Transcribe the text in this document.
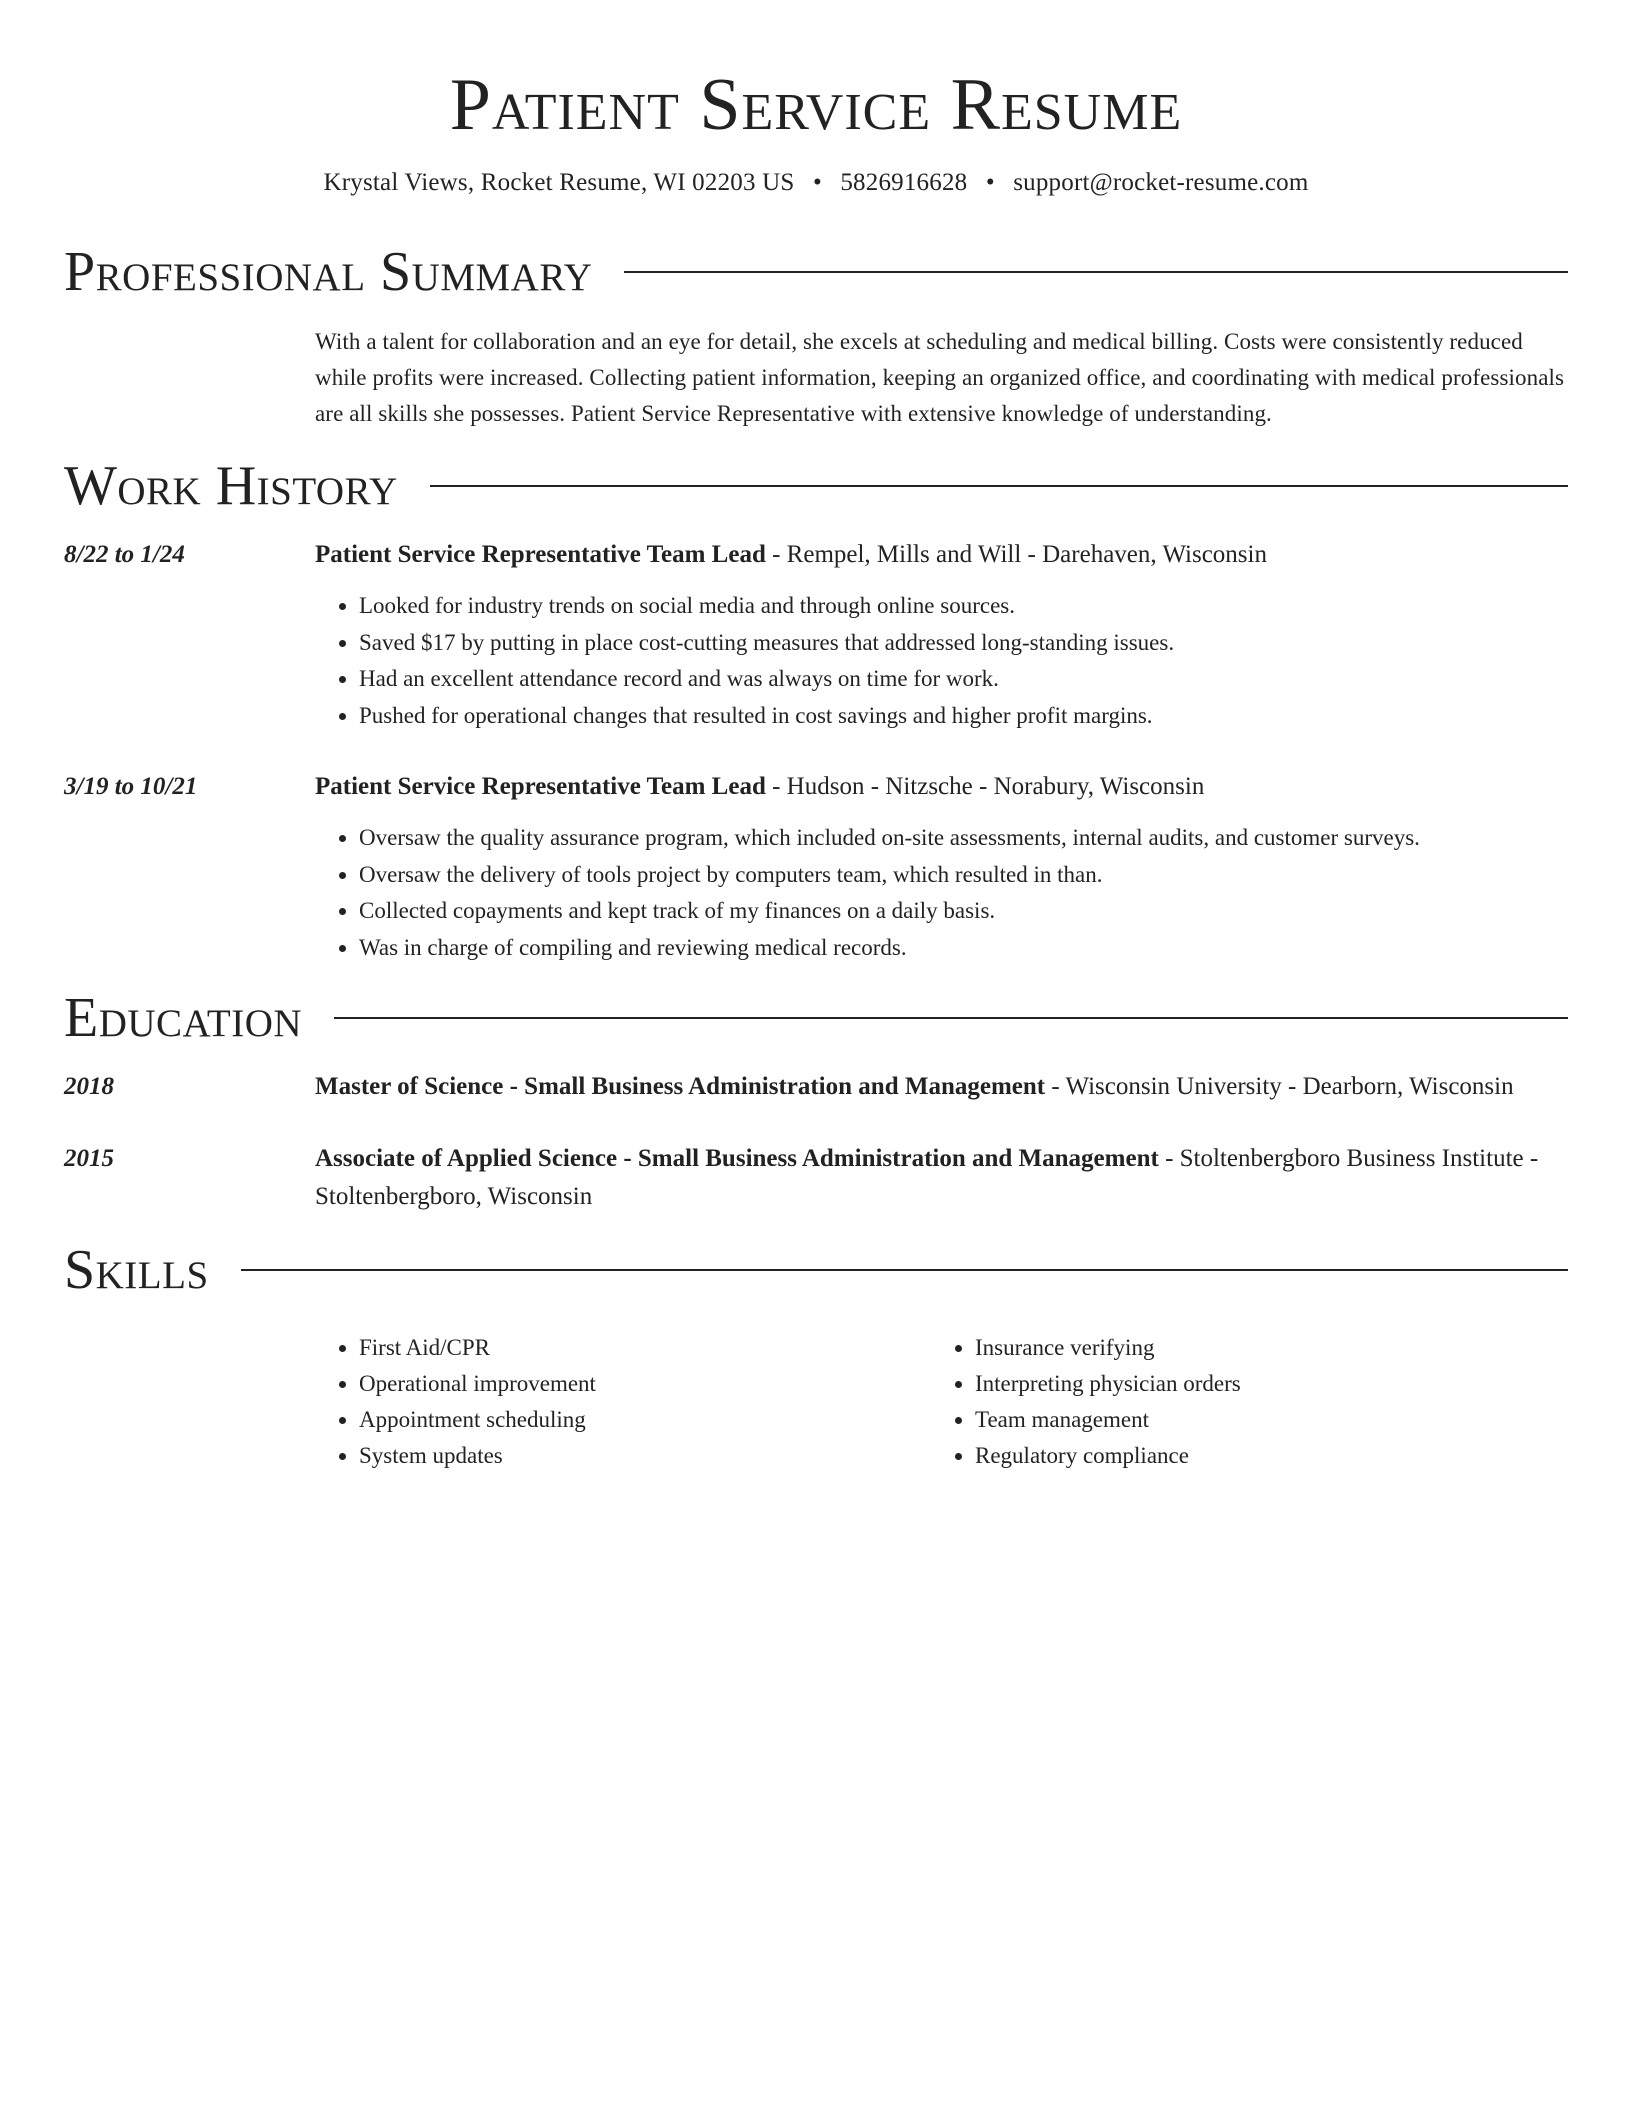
Patient Service Resume
Krystal Views, Rocket Resume, WI 02203 US • 5826916628 • support@rocket-resume.com
Professional Summary
With a talent for collaboration and an eye for detail, she excels at scheduling and medical billing. Costs were consistently reduced while profits were increased. Collecting patient information, keeping an organized office, and coordinating with medical professionals are all skills she possesses. Patient Service Representative with extensive knowledge of understanding.
Work History
8/22 to 1/24	Patient Service Representative Team Lead - Rempel, Mills and Will - Darehaven, Wisconsin
• Looked for industry trends on social media and through online sources.
• Saved $17 by putting in place cost-cutting measures that addressed long-standing issues.
• Had an excellent attendance record and was always on time for work.
• Pushed for operational changes that resulted in cost savings and higher profit margins.
3/19 to 10/21	Patient Service Representative Team Lead - Hudson - Nitzsche - Norabury, Wisconsin
• Oversaw the quality assurance program, which included on-site assessments, internal audits, and customer surveys.
• Oversaw the delivery of tools project by computers team, which resulted in than.
• Collected copayments and kept track of my finances on a daily basis.
• Was in charge of compiling and reviewing medical records.
Education
2018	Master of Science - Small Business Administration and Management - Wisconsin University - Dearborn, Wisconsin
2015	Associate of Applied Science - Small Business Administration and Management - Stoltenbergboro Business Institute - Stoltenbergboro, Wisconsin
Skills
• First Aid/CPR
• Operational improvement
• Appointment scheduling
• System updates
• Insurance verifying
• Interpreting physician orders
• Team management
• Regulatory compliance
